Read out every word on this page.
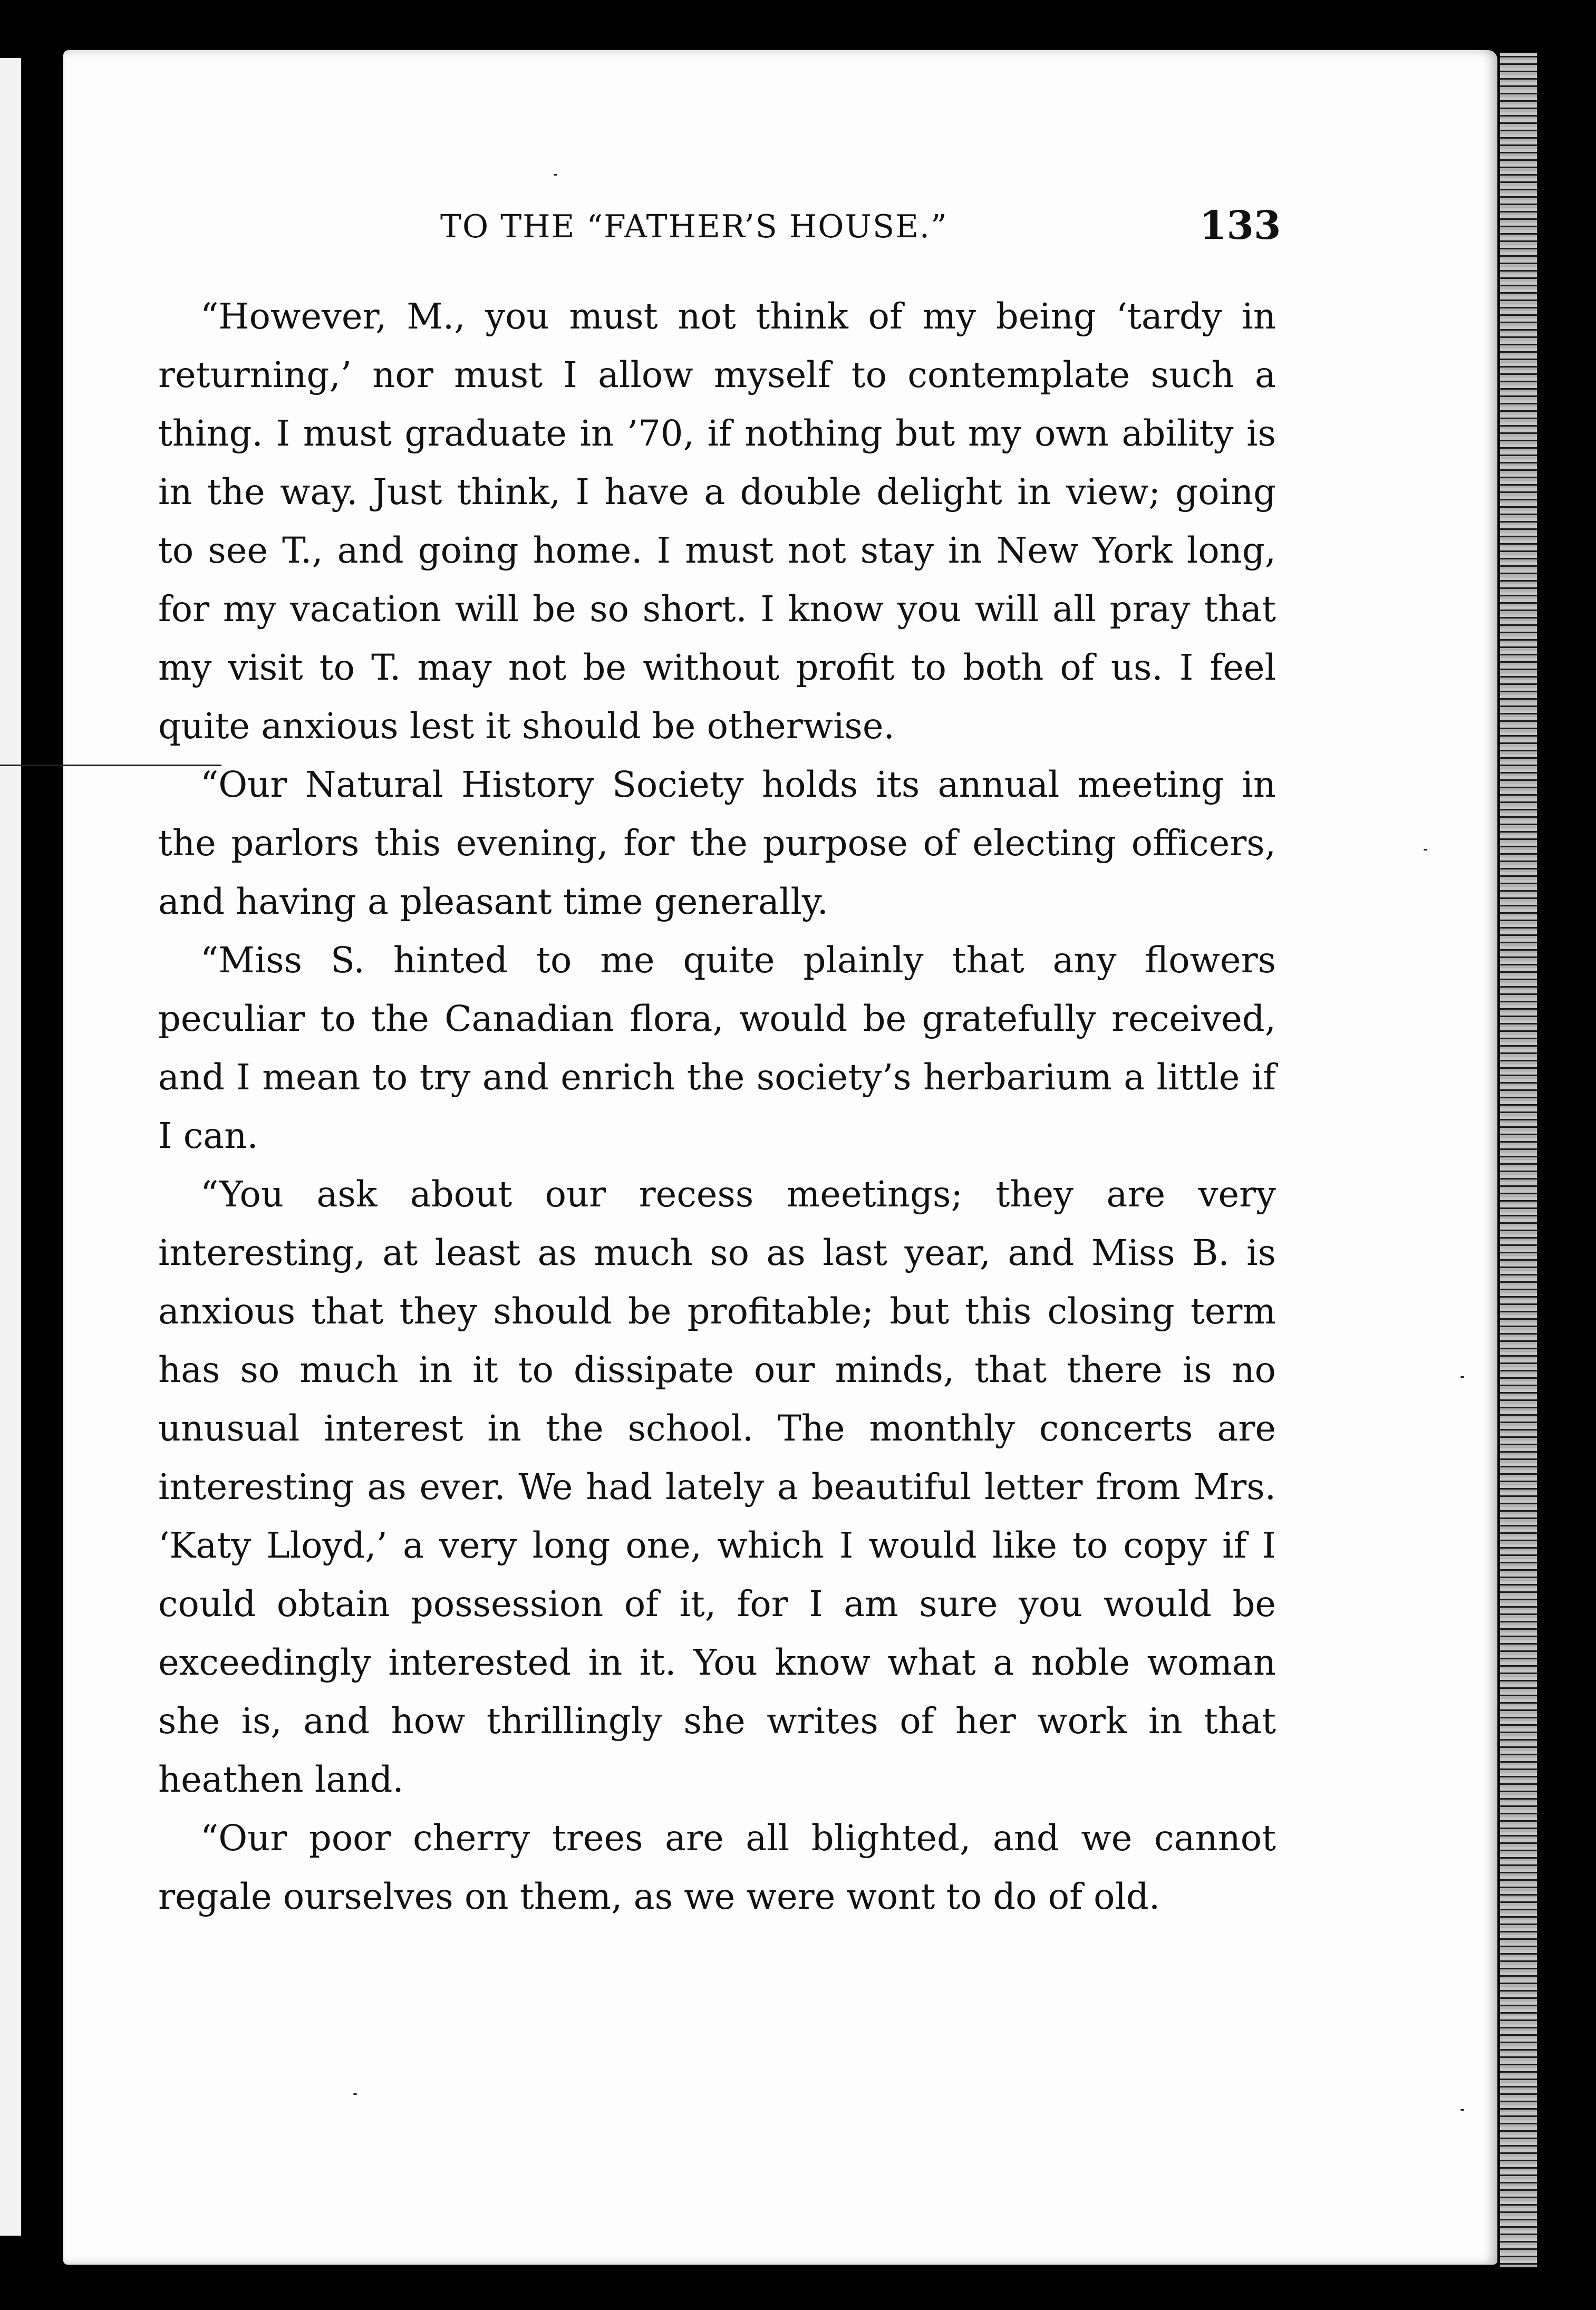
TO THE “FATHER’S HOUSE.”	133

“However, M., you must not think of my being ‘tardy in returning,’ nor must I allow myself to contemplate such a thing. I must graduate in ’70, if nothing but my own ability is in the way. Just think, I have a double delight in view; going to see T., and going home. I must not stay in New York long, for my vacation will be so short. I know you will all pray that my visit to T. may not be without profit to both of us. I feel quite anxious lest it should be otherwise.

“Our Natural History Society holds its annual meeting in the parlors this evening, for the purpose of electing officers, and having a pleasant time generally.

“Miss S. hinted to me quite plainly that any flowers peculiar to the Canadian flora, would be gratefully received, and I mean to try and enrich the society’s herbarium a little if I can.

“You ask about our recess meetings; they are very interesting, at least as much so as last year, and Miss B. is anxious that they should be profitable; but this closing term has so much in it to dissipate our minds, that there is no unusual interest in the school. The monthly concerts are interesting as ever. We had lately a beautiful letter from Mrs. ‘Katy Lloyd,’ a very long one, which I would like to copy if I could obtain possession of it, for I am sure you would be exceedingly interested in it. You know what a noble woman she is, and how thrillingly she writes of her work in that heathen land.

“Our poor cherry trees are all blighted, and we cannot regale ourselves on them, as we were wont to do of old.
